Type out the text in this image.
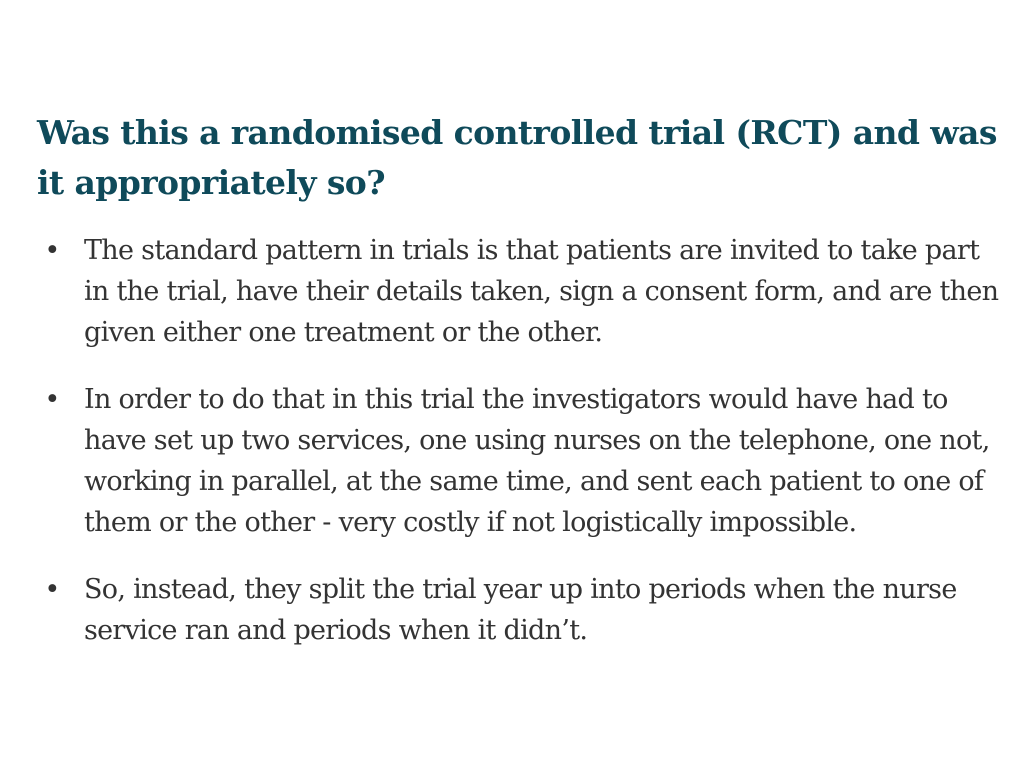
Was this a randomised controlled trial (RCT) and was it appropriately so?
• The standard pattern in trials is that patients are invited to take part in the trial, have their details taken, sign a consent form, and are then given either one treatment or the other.
• In order to do that in this trial the investigators would have had to have set up two services, one using nurses on the telephone, one not, working in parallel, at the same time, and sent each patient to one of them or the other - very costly if not logistically impossible.
• So, instead, they split the trial year up into periods when the nurse service ran and periods when it didn’t.
